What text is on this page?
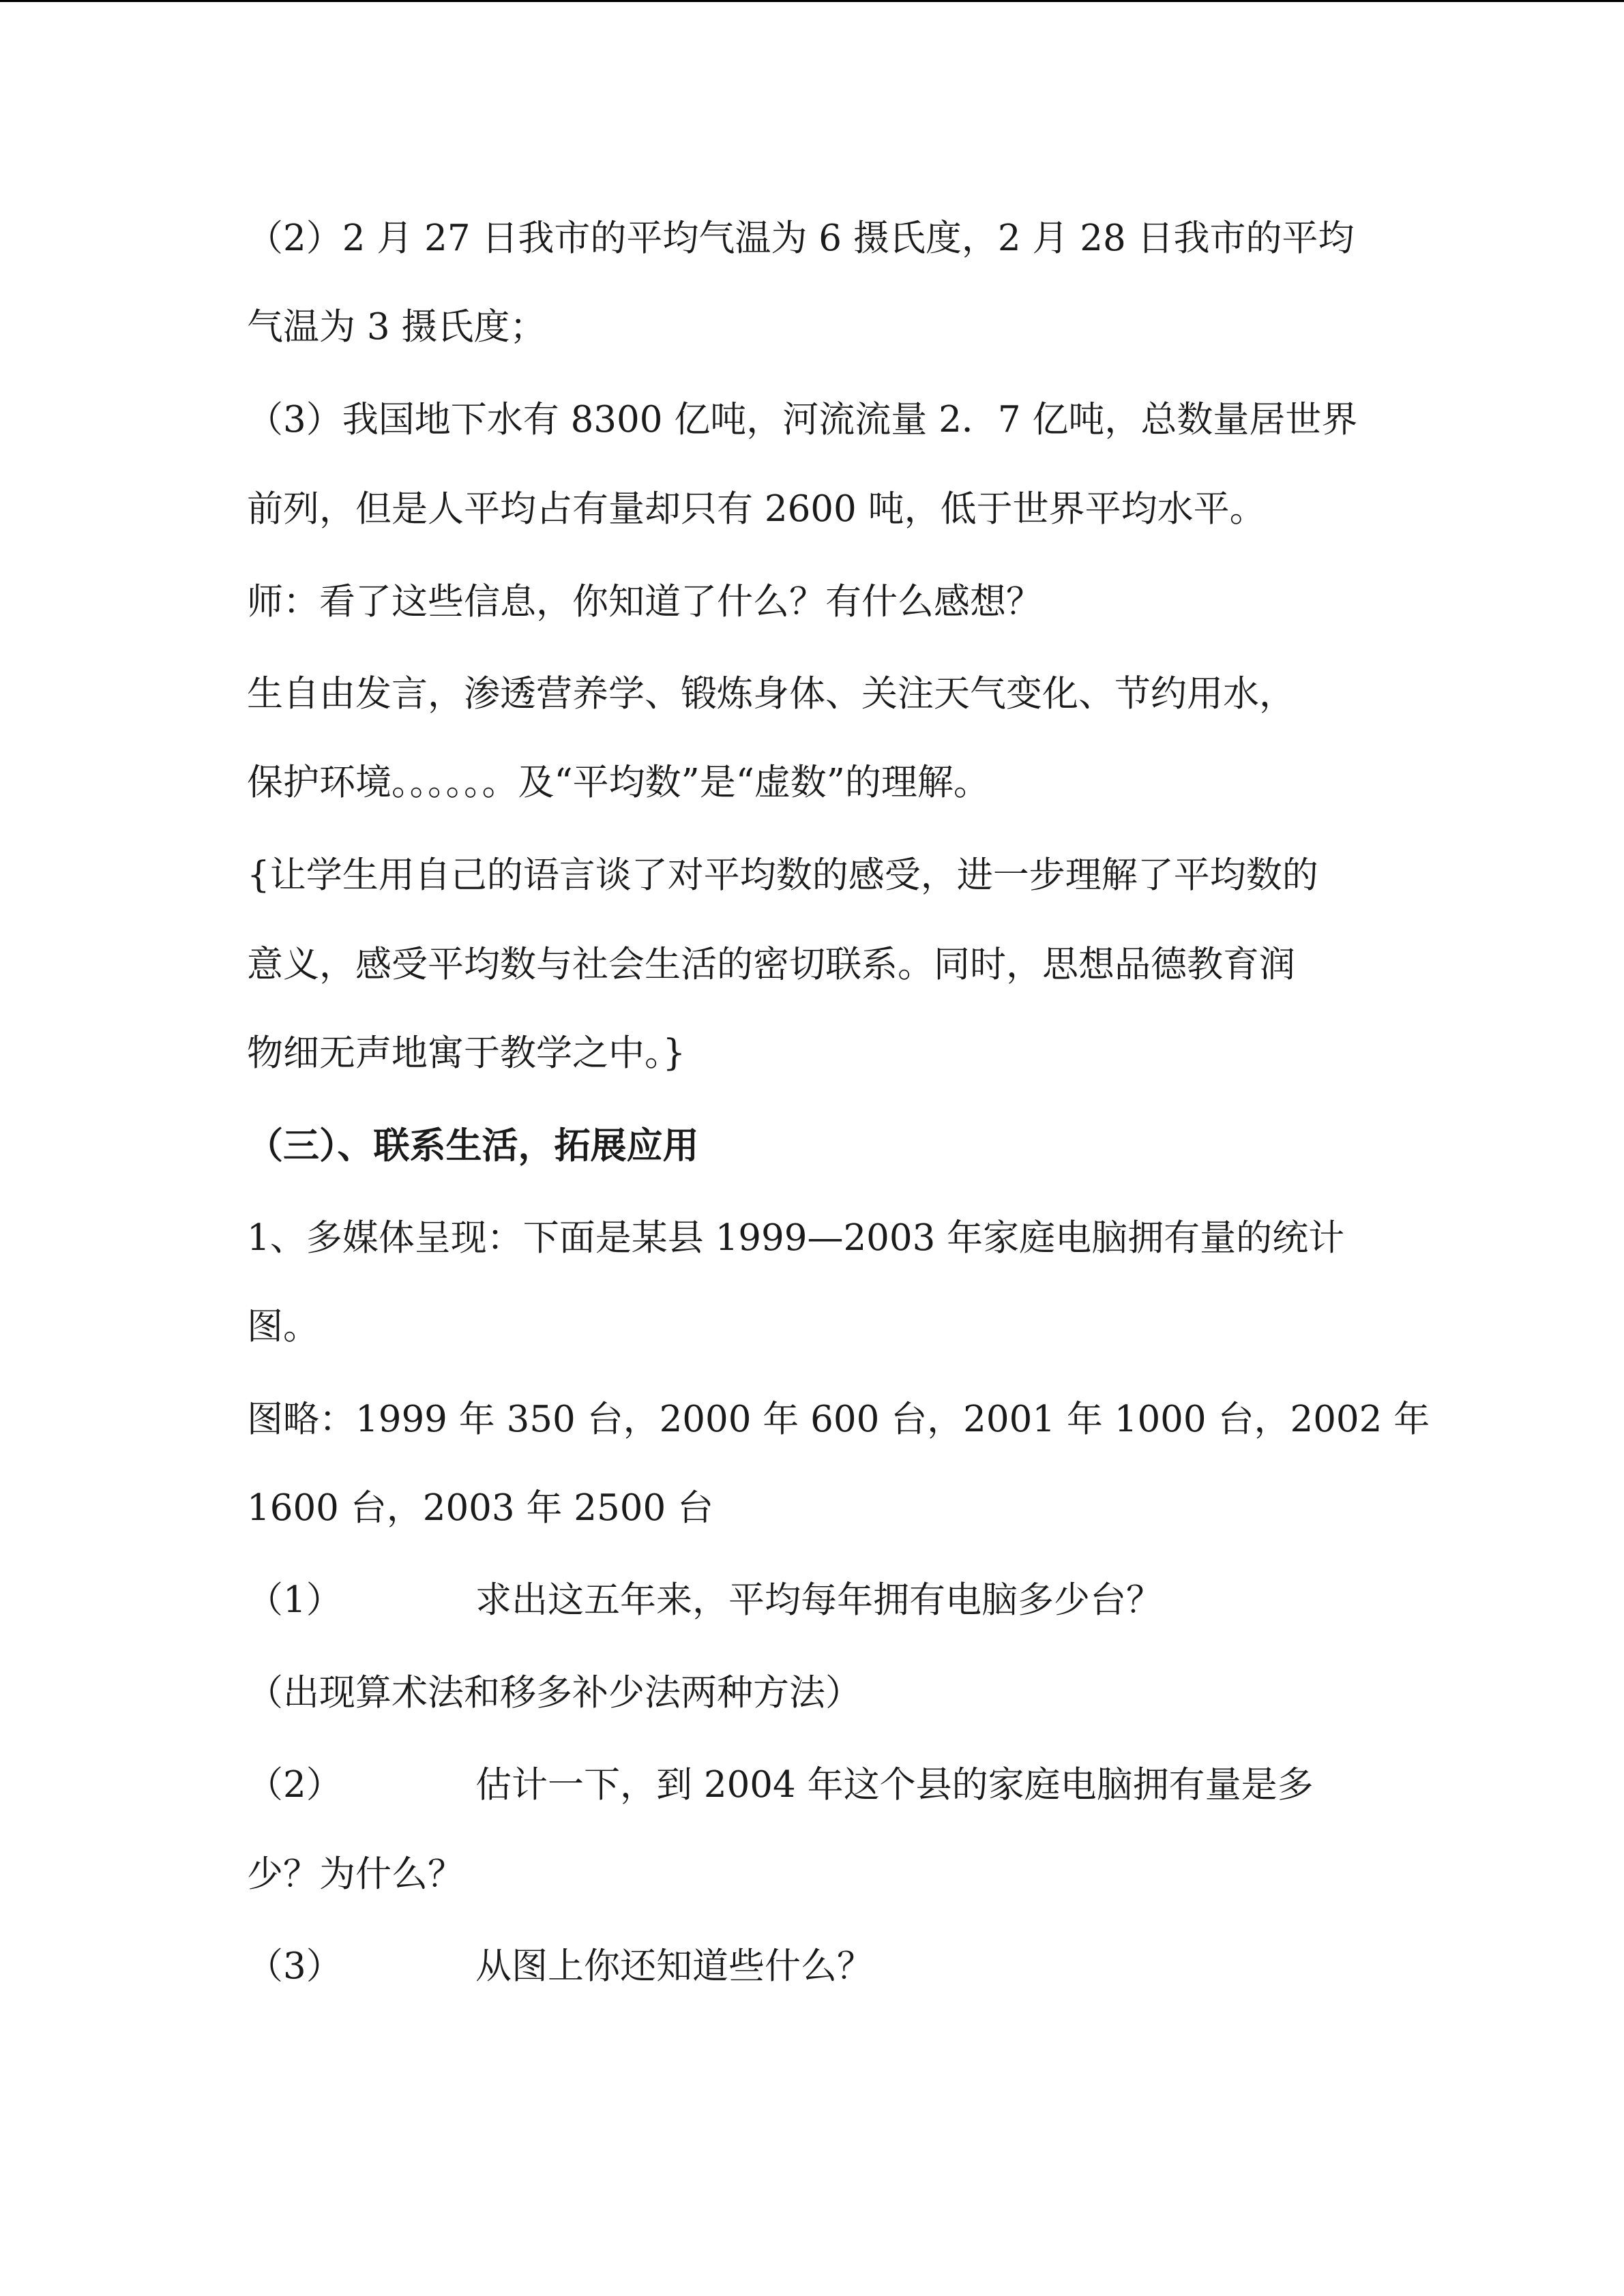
（2）2 月 27 日我市的平均气温为 6 摄氏度，2 月 28 日我市的平均
气温为 3 摄氏度；
（3）我国地下水有 8300 亿吨，河流流量 2．7 亿吨，总数量居世界
前列，但是人平均占有量却只有 2600 吨，低于世界平均水平。
师：看了这些信息，你知道了什么？有什么感想？
生自由发言，渗透营养学、锻炼身体、关注天气变化、节约用水，
保护环境。。。。。。及“平均数”是“虚数”的理解。
{让学生用自己的语言谈了对平均数的感受，进一步理解了平均数的
意义，感受平均数与社会生活的密切联系。同时，思想品德教育润
物细无声地寓于教学之中。}
（三）、联系生活，拓展应用
1、多媒体呈现：下面是某县 1999—2003 年家庭电脑拥有量的统计
图。
图略：1999 年 350 台，2000 年 600 台，2001 年 1000 台，2002 年
1600 台，2003 年 2500 台
（1）	求出这五年来，平均每年拥有电脑多少台？
（出现算术法和移多补少法两种方法）
（2）	估计一下，到 2004 年这个县的家庭电脑拥有量是多
少？为什么？
（3）	从图上你还知道些什么？
